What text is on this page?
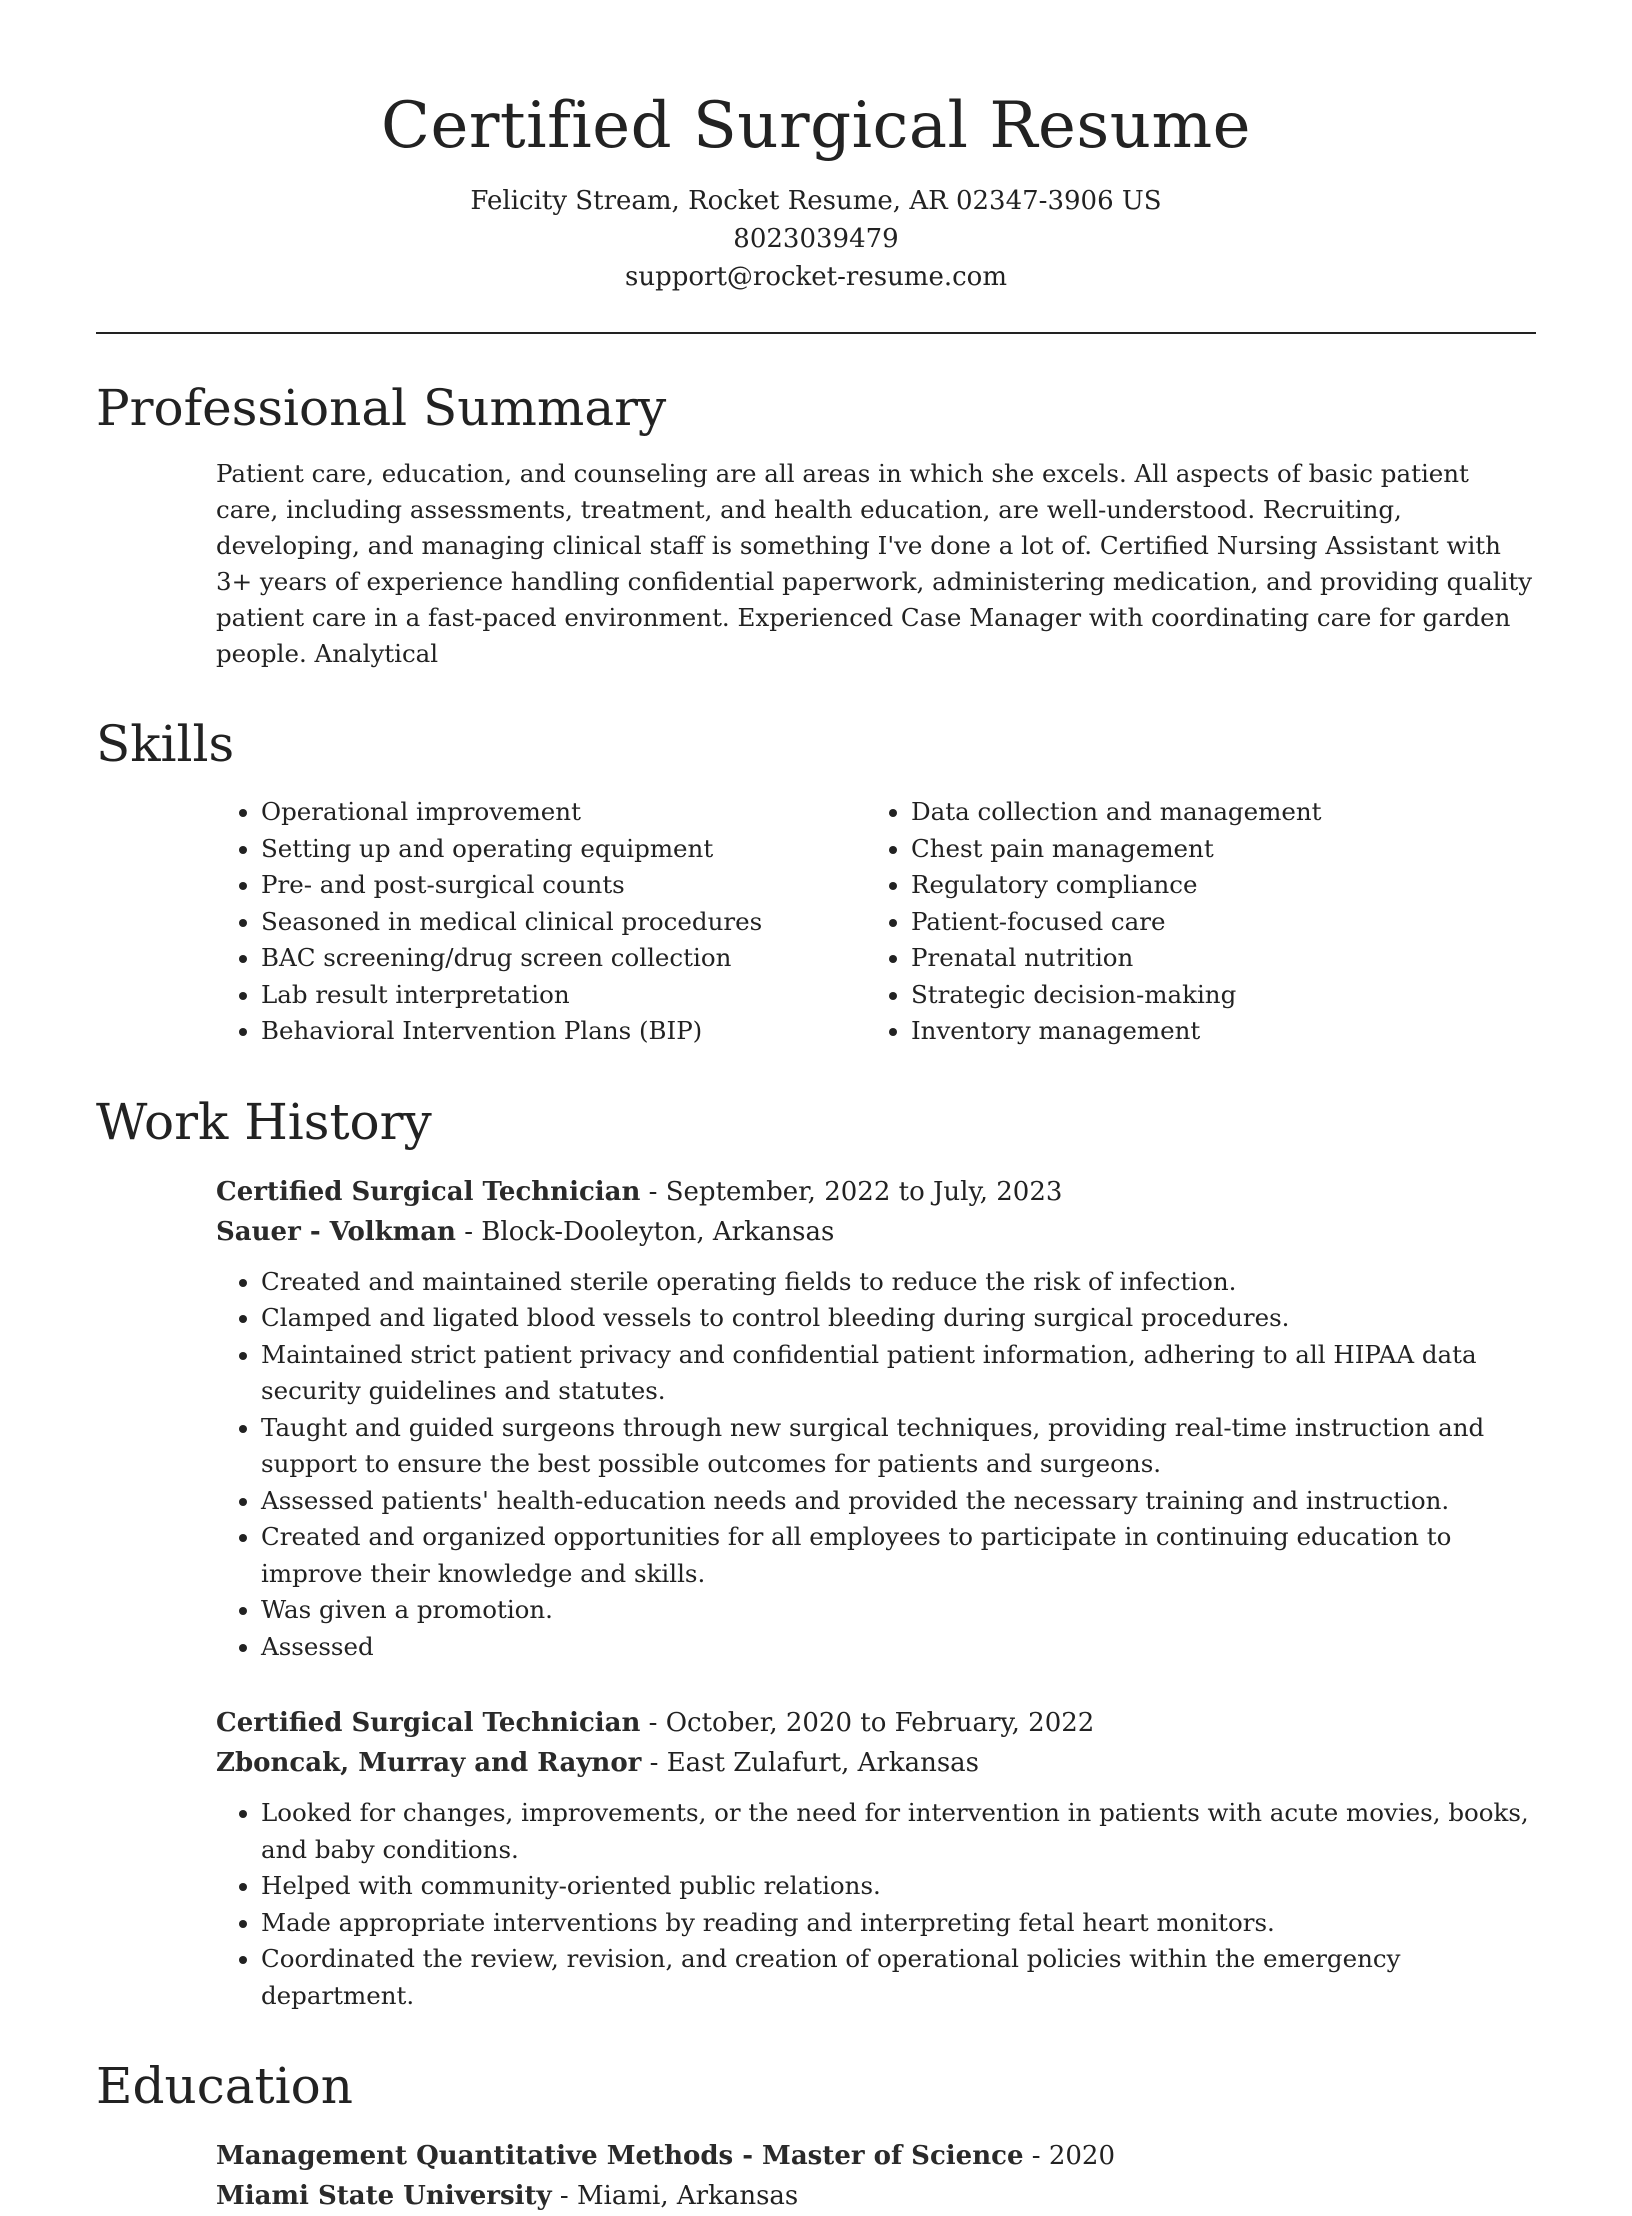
Certified Surgical Resume
Felicity Stream, Rocket Resume, AR 02347-3906 US
8023039479
support@rocket-resume.com
Professional Summary

Patient care, education, and counseling are all areas in which she excels. All aspects of basic patient care, including assessments, treatment, and health education, are well-understood. Recruiting, developing, and managing clinical staff is something I've done a lot of. Certified Nursing Assistant with 3+ years of experience handling confidential paperwork, administering medication, and providing quality patient care in a fast-paced environment. Experienced Case Manager with coordinating care for garden people. Analytical

Skills
• Operational improvement
• Setting up and operating equipment
• Pre- and post-surgical counts
• Seasoned in medical clinical procedures
• BAC screening/drug screen collection
• Lab result interpretation
• Behavioral Intervention Plans (BIP)
• Data collection and management
• Chest pain management
• Regulatory compliance
• Patient-focused care
• Prenatal nutrition
• Strategic decision-making
• Inventory management
Work History
Certified Surgical Technician - September, 2022 to July, 2023
Sauer - Volkman - Block-Dooleyton, Arkansas
• Created and maintained sterile operating fields to reduce the risk of infection.
• Clamped and ligated blood vessels to control bleeding during surgical procedures.
• Maintained strict patient privacy and confidential patient information, adhering to all HIPAA data security guidelines and statutes.
• Taught and guided surgeons through new surgical techniques, providing real-time instruction and support to ensure the best possible outcomes for patients and surgeons.
• Assessed patients' health-education needs and provided the necessary training and instruction.
• Created and organized opportunities for all employees to participate in continuing education to improve their knowledge and skills.
• Was given a promotion.
• Assessed
Certified Surgical Technician - October, 2020 to February, 2022
Zboncak, Murray and Raynor - East Zulafurt, Arkansas
• Looked for changes, improvements, or the need for intervention in patients with acute movies, books, and baby conditions.
• Helped with community-oriented public relations.
• Made appropriate interventions by reading and interpreting fetal heart monitors.
• Coordinated the review, revision, and creation of operational policies within the emergency department.
Education
Management Quantitative Methods - Master of Science - 2020
Miami State University - Miami, Arkansas
